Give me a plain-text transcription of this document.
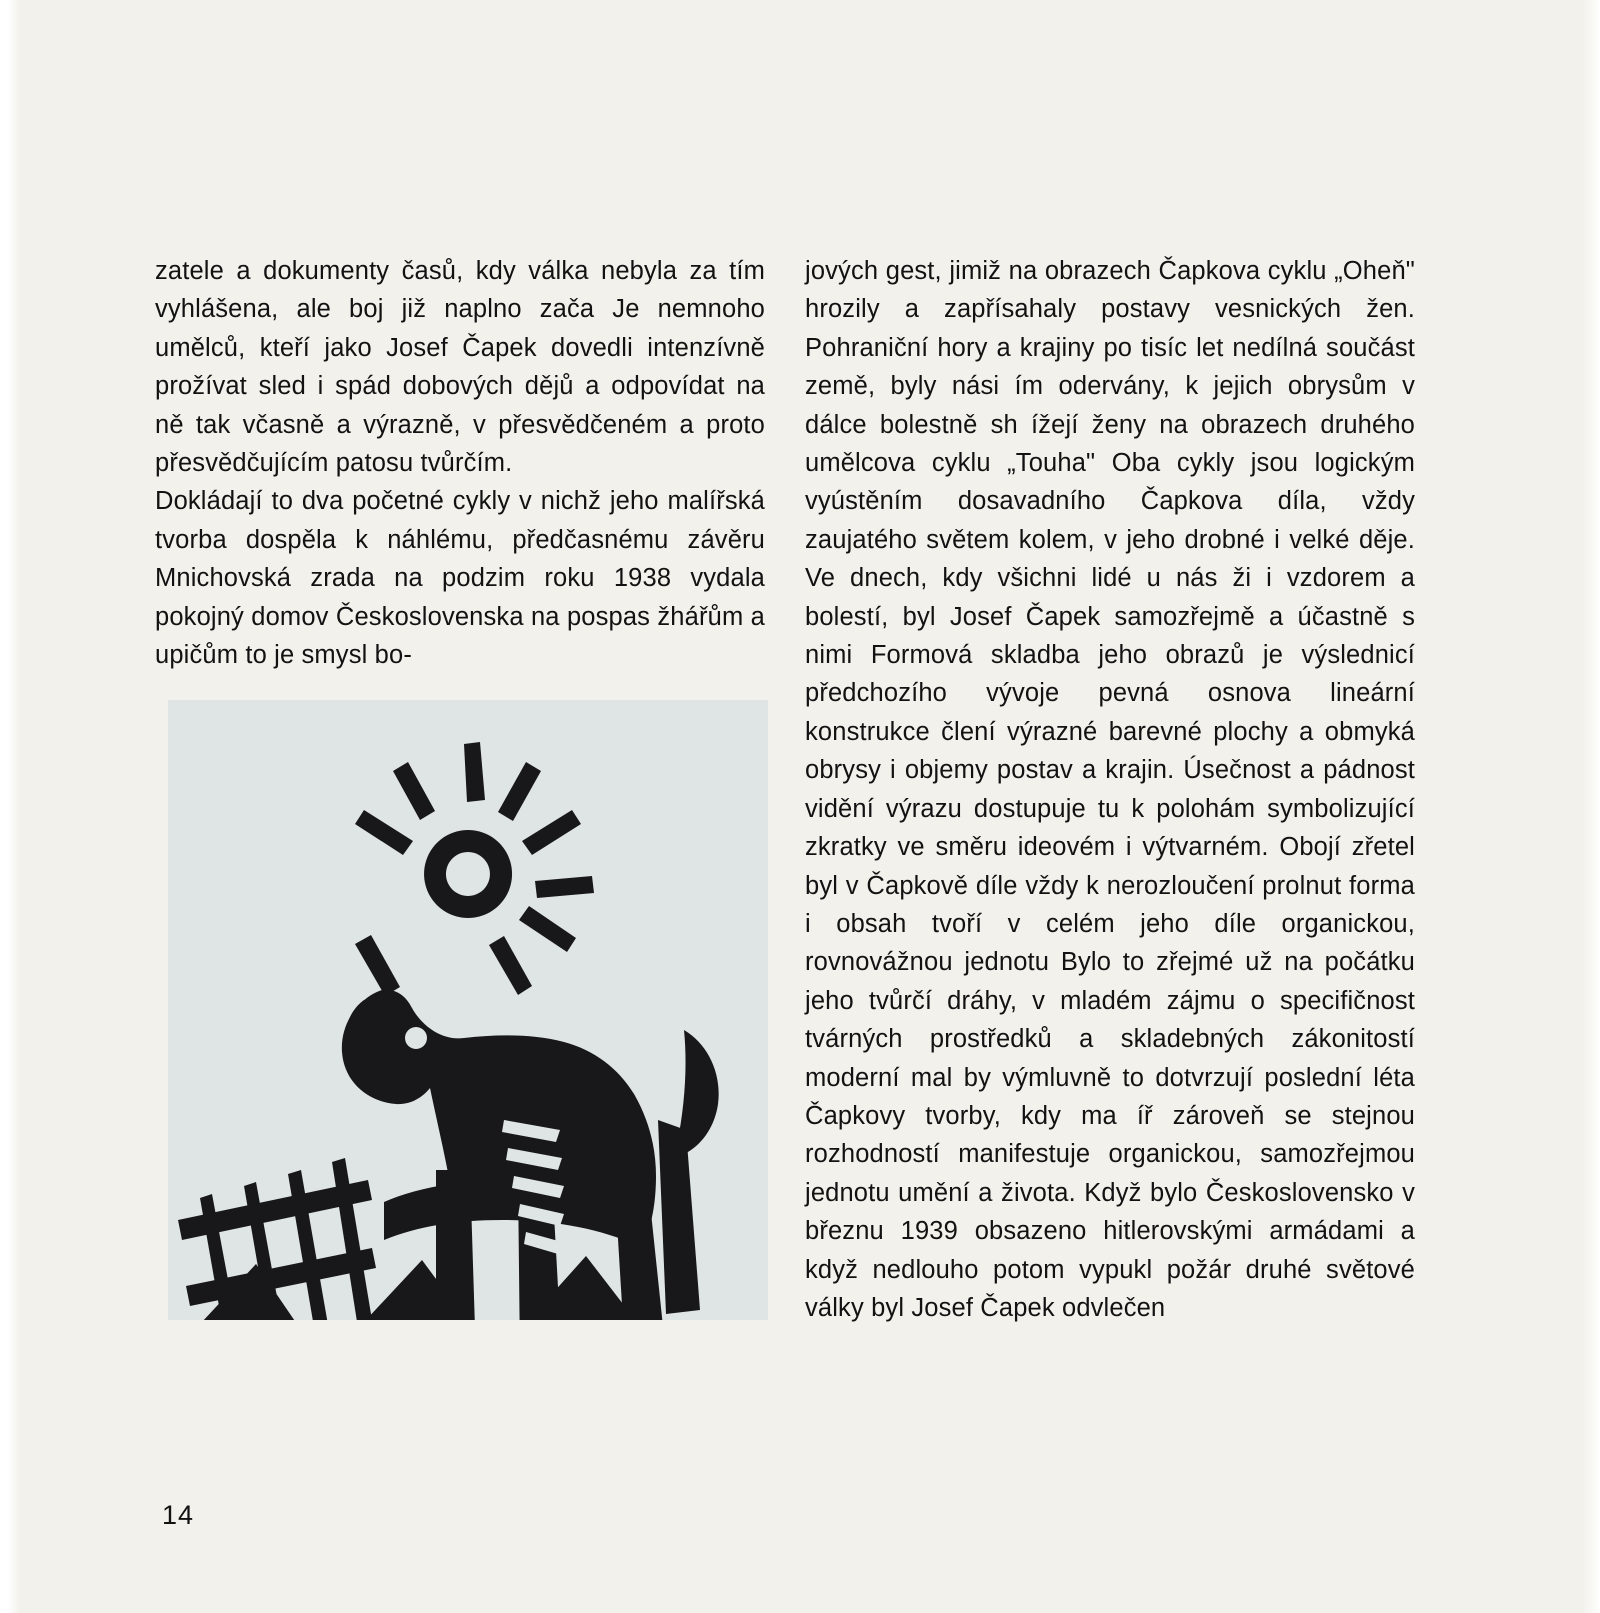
zatele a dokumenty časů, kdy válka nebyla za tím vyhlášena, ale boj již naplno zača Je nemnoho umělců, kteří jako Josef Čapek dovedli intenzívně prožívat sled i spád dobových dějů a odpovídat na ně tak včasně a výrazně, v přesvědčeném a proto přesvědčujícím patosu tvůrčím.

Dokládají to dva početné cykly v nichž jeho malířská tvorba dospěla k náhlému, předčasnému závěru Mnichovská zrada na podzim roku 1938 vydala pokojný domov Československa na pospas žhářům a upičům to je smysl bo-

jových gest, jimiž na obrazech Čapkova cyklu „Oheň" hrozily a zapřísahaly postavy vesnických žen. Pohraniční hory a krajiny po tisíc let nedílná součást země, byly nási ím odervány, k jejich obrysům v dálce bolestně sh ížejí ženy na obrazech druhého umělcova cyklu „Touha" Oba cykly jsou logickým vyústěním dosavadního Čapkova díla, vždy zaujatého světem kolem, v jeho drobné i velké děje. Ve dnech, kdy všichni lidé u nás ži i vzdorem a bolestí, byl Josef Čapek samozřejmě a účastně s nimi Formová skladba jeho obrazů je výslednicí předchozího vývoje pevná osnova lineární konstrukce člení výrazné barevné plochy a obmyká obrysy i objemy postav a krajin. Úsečnost a pádnost vidění výrazu dostupuje tu k polohám symbolizující zkratky ve směru ideovém i výtvarném. Obojí zřetel byl v Čapkově díle vždy k nerozloučení prolnut forma i obsah tvoří v celém jeho díle organickou, rovnovážnou jednotu Bylo to zřejmé už na počátku jeho tvůrčí dráhy, v mladém zájmu o specifičnost tvárných prostředků a skladebných zákonitostí moderní mal by výmluvně to dotvrzují poslední léta Čapkovy tvorby, kdy ma íř zároveň se stejnou rozhodností manifestuje organickou, samozřejmou jednotu umění a života. Když bylo Československo v březnu 1939 obsazeno hitlerovskými armádami a když nedlouho potom vypukl požár druhé světové války byl Josef Čapek odvlečen

14
